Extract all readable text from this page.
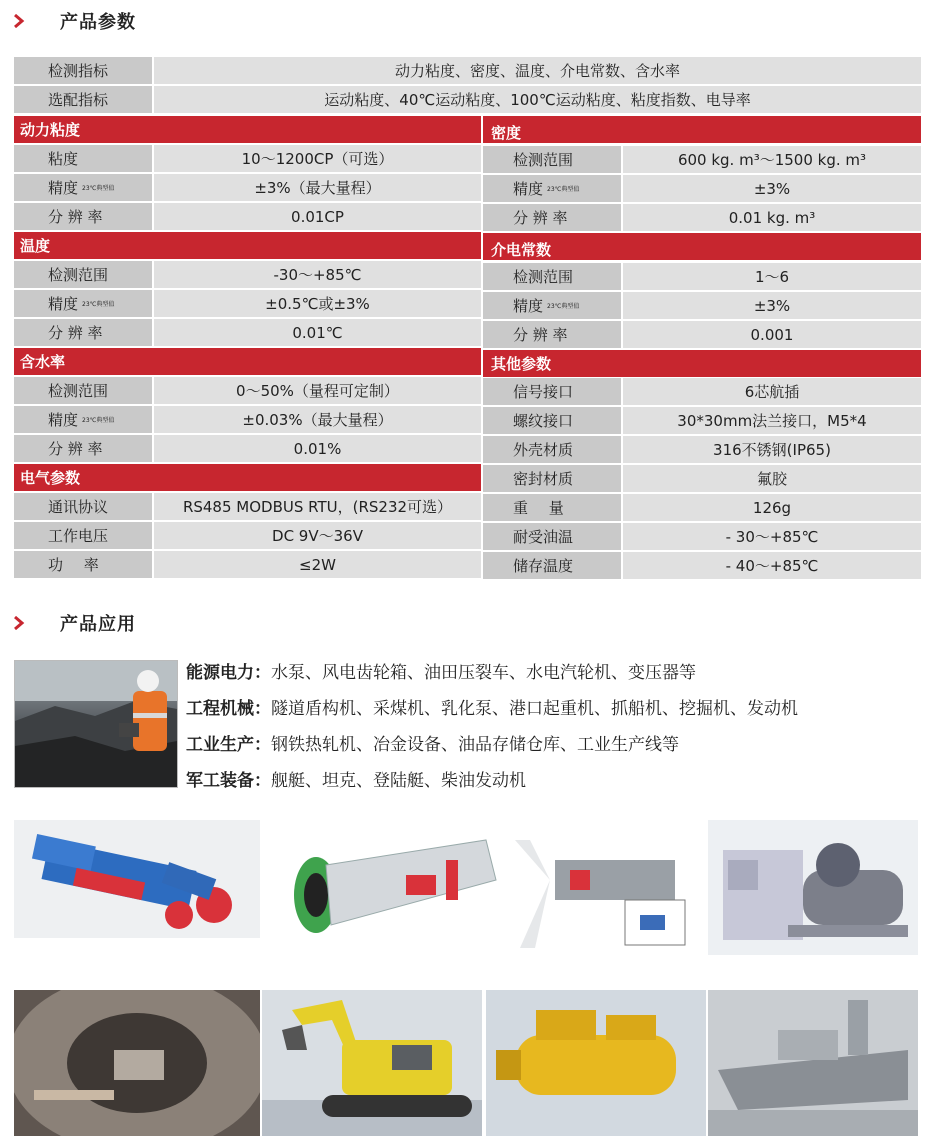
产品参数
检测指标	动力粘度、密度、温度、介电常数、含水率
选配指标	运动粘度、40℃运动粘度、100℃运动粘度、粘度指数、电导率
动力粘度
粘度	10～1200CP（可选）
精度 23℃典型值	±3%（最大量程）
分 辨 率	0.01CP
温度
检测范围	-30～+85℃
精度 23℃典型值	±0.5℃或±3%
分 辨 率	0.01℃
含水率
检测范围	0～50%（量程可定制）
精度 23℃典型值	±0.03%（最大量程）
分 辨 率	0.01%
电气参数
通讯协议	RS485 MODBUS RTU，(RS232可选）
工作电压	DC 9V～36V
功 率	≤2W
密度
检测范围	600 kg. m³～1500 kg. m³
精度 23℃典型值	±3%
分 辨 率	0.01 kg. m³
介电常数
检测范围	1～6
精度 23℃典型值	±3%
分 辨 率	0.001
其他参数
信号接口	6芯航插
螺纹接口	30*30mm法兰接口，M5*4
外壳材质	316不锈钢(IP65)
密封材质	氟胶
重 量	126g
耐受油温	- 30～+85℃
储存温度	- 40～+85℃
产品应用
能源电力：水泵、风电齿轮箱、油田压裂车、水电汽轮机、变压器等
工程机械：隧道盾构机、采煤机、乳化泵、港口起重机、抓船机、挖掘机、发动机
工业生产：钢铁热轧机、冶金设备、油品存储仓库、工业生产线等
军工装备：舰艇、坦克、登陆艇、柴油发动机
